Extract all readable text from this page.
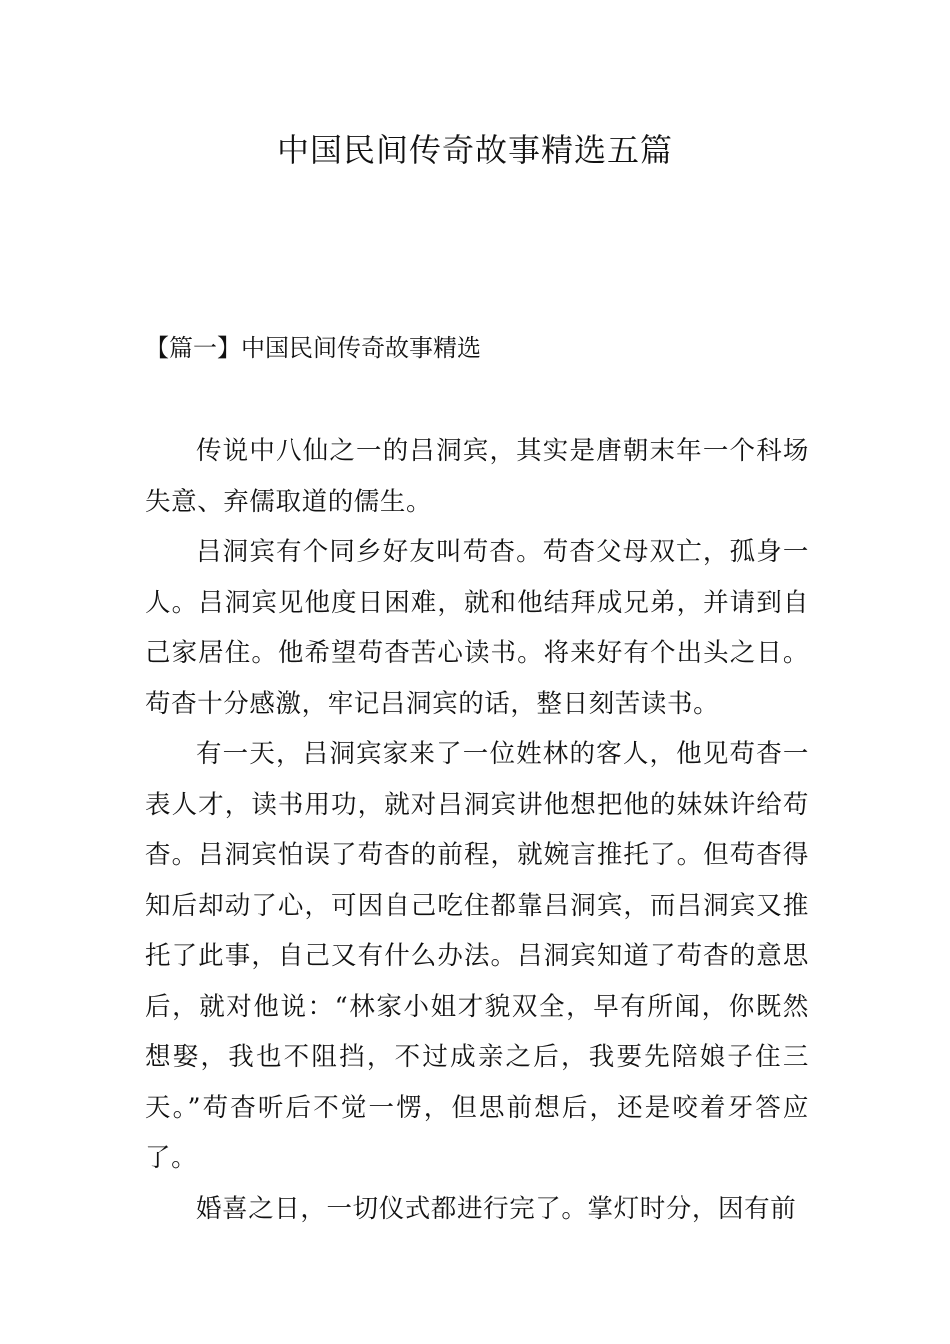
中国民间传奇故事精选五篇
【篇一】中国民间传奇故事精选

传说中八仙之一的吕洞宾，其实是唐朝末年一个科场失意、弃儒取道的儒生。

吕洞宾有个同乡好友叫苟杳。苟杳父母双亡，孤身一人。吕洞宾见他度日困难，就和他结拜成兄弟，并请到自己家居住。他希望苟杳苦心读书。将来好有个出头之日。苟杳十分感激，牢记吕洞宾的话，整日刻苦读书。

有一天，吕洞宾家来了一位姓林的客人，他见苟杳一表人才，读书用功，就对吕洞宾讲他想把他的妹妹许给苟杳。吕洞宾怕误了苟杳的前程，就婉言推托了。但苟杳得知后却动了心，可因自己吃住都靠吕洞宾，而吕洞宾又推托了此事，自己又有什么办法。吕洞宾知道了苟杳的意思后，就对他说：“林家小姐才貌双全，早有所闻，你既然想娶，我也不阻挡，不过成亲之后，我要先陪娘子住三天。”苟杳听后不觉一愣，但思前想后，还是咬着牙答应了。

婚喜之日，一切仪式都进行完了。掌灯时分，因有前
